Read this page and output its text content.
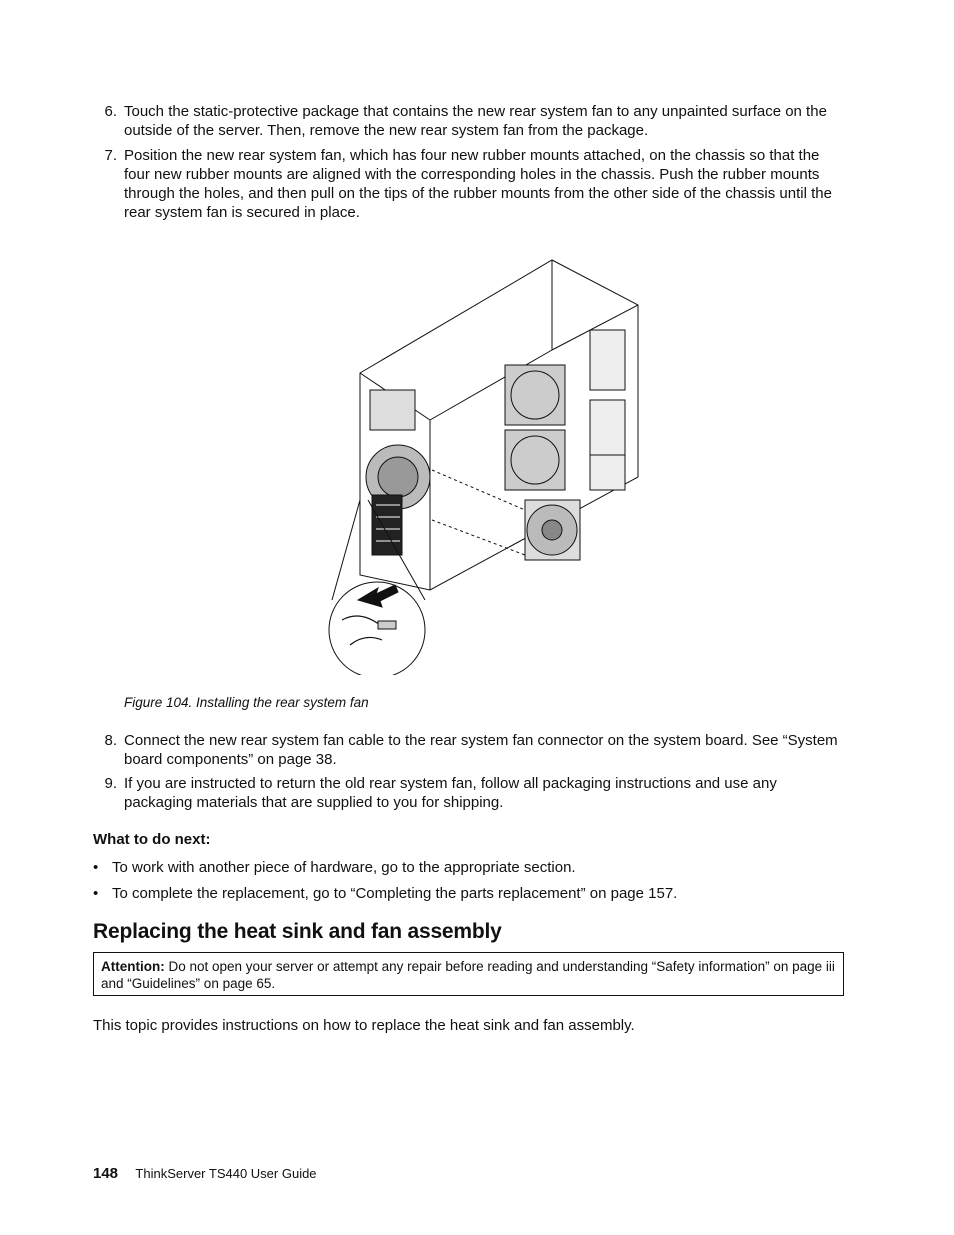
6. Touch the static-protective package that contains the new rear system fan to any unpainted surface on the outside of the server. Then, remove the new rear system fan from the package.
7. Position the new rear system fan, which has four new rubber mounts attached, on the chassis so that the four new rubber mounts are aligned with the corresponding holes in the chassis. Push the rubber mounts through the holes, and then pull on the tips of the rubber mounts from the other side of the chassis until the rear system fan is secured in place.
Figure 104. Installing the rear system fan
8. Connect the new rear system fan cable to the rear system fan connector on the system board. See “System board components” on page 38.
9. If you are instructed to return the old rear system fan, follow all packaging instructions and use any packaging materials that are supplied to you for shipping.
What to do next:
• To work with another piece of hardware, go to the appropriate section.
• To complete the replacement, go to “Completing the parts replacement” on page 157.
Replacing the heat sink and fan assembly
Attention: Do not open your server or attempt any repair before reading and understanding “Safety information” on page iii and “Guidelines” on page 65.
This topic provides instructions on how to replace the heat sink and fan assembly.
148 ThinkServer TS440 User Guide
